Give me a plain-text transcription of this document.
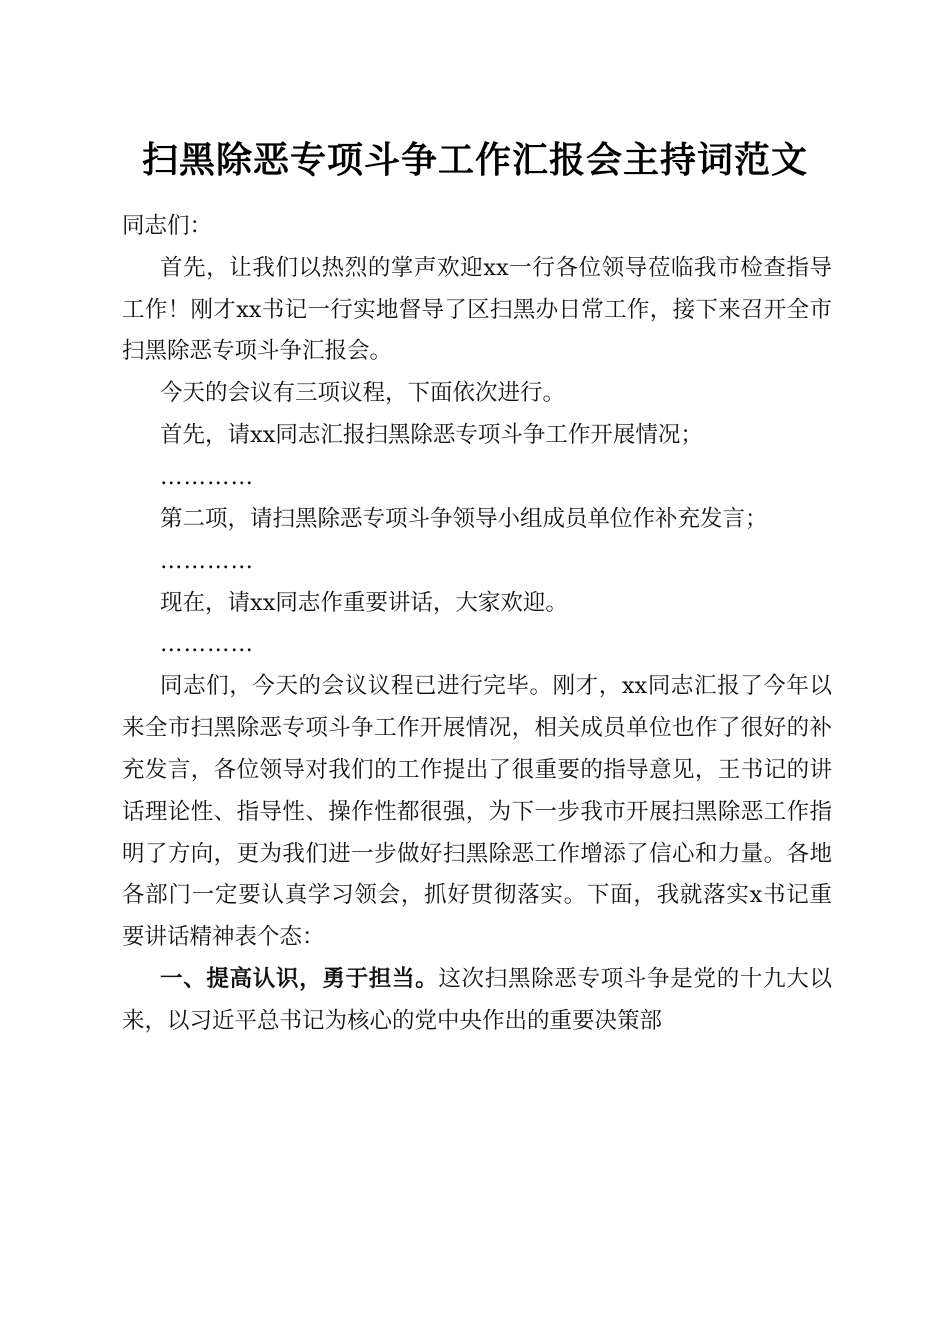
扫黑除恶专项斗争工作汇报会主持词范文

同志们：

首先，让我们以热烈的掌声欢迎xx一行各位领导莅临我市检查指导工作！刚才xx书记一行实地督导了区扫黑办日常工作，接下来召开全市扫黑除恶专项斗争汇报会。

今天的会议有三项议程，下面依次进行。

首先，请xx同志汇报扫黑除恶专项斗争工作开展情况；

…………

第二项，请扫黑除恶专项斗争领导小组成员单位作补充发言；

…………

现在，请xx同志作重要讲话，大家欢迎。

…………

同志们，今天的会议议程已进行完毕。刚才，xx同志汇报了今年以来全市扫黑除恶专项斗争工作开展情况，相关成员单位也作了很好的补充发言，各位领导对我们的工作提出了很重要的指导意见，王书记的讲话理论性、指导性、操作性都很强，为下一步我市开展扫黑除恶工作指明了方向，更为我们进一步做好扫黑除恶工作增添了信心和力量。各地各部门一定要认真学习领会，抓好贯彻落实。下面，我就落实x书记重要讲话精神表个态：

一、提高认识，勇于担当。这次扫黑除恶专项斗争是党的十九大以来，以习近平总书记为核心的党中央作出的重要决策部
